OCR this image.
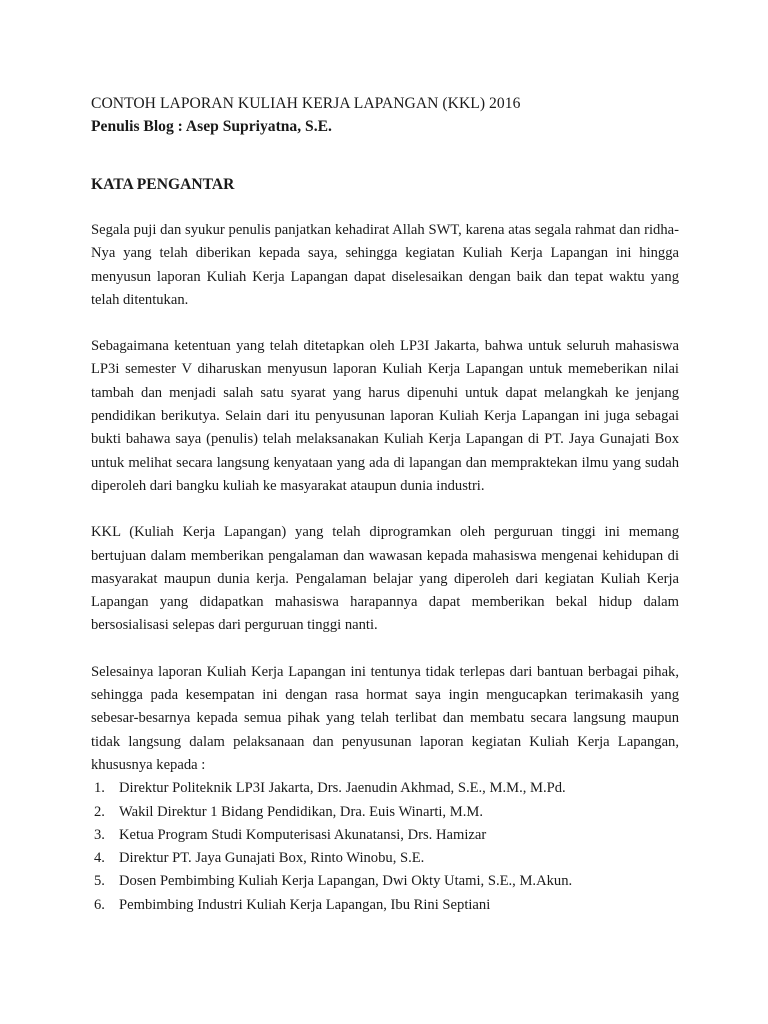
CONTOH LAPORAN KULIAH KERJA LAPANGAN (KKL) 2016

Penulis Blog : Asep Supriyatna, S.E.

KATA PENGANTAR

Segala puji dan syukur penulis panjatkan kehadirat Allah SWT, karena atas segala rahmat dan ridha-Nya yang telah diberikan kepada saya, sehingga kegiatan Kuliah Kerja Lapangan ini hingga menyusun laporan Kuliah Kerja Lapangan dapat diselesaikan dengan baik dan tepat waktu yang telah ditentukan.

Sebagaimana ketentuan yang telah ditetapkan oleh LP3I Jakarta, bahwa untuk seluruh mahasiswa LP3i semester V diharuskan menyusun laporan Kuliah Kerja Lapangan untuk memeberikan nilai tambah dan menjadi salah satu syarat yang harus dipenuhi untuk dapat melangkah ke jenjang pendidikan berikutya. Selain dari itu penyusunan laporan Kuliah Kerja Lapangan ini juga sebagai bukti bahawa saya (penulis) telah melaksanakan Kuliah Kerja Lapangan di PT. Jaya Gunajati Box untuk melihat secara langsung kenyataan yang ada di lapangan dan mempraktekan ilmu yang sudah diperoleh dari bangku kuliah ke masyarakat ataupun dunia industri.

KKL (Kuliah Kerja Lapangan) yang telah diprogramkan oleh perguruan tinggi ini memang bertujuan dalam memberikan pengalaman dan wawasan kepada mahasiswa mengenai kehidupan di masyarakat maupun dunia kerja. Pengalaman belajar yang diperoleh dari kegiatan Kuliah Kerja Lapangan yang didapatkan mahasiswa harapannya dapat memberikan bekal hidup dalam bersosialisasi selepas dari perguruan tinggi nanti.

Selesainya laporan Kuliah Kerja Lapangan ini tentunya tidak terlepas dari bantuan berbagai pihak, sehingga pada kesempatan ini dengan rasa hormat saya ingin mengucapkan terimakasih yang sebesar-besarnya kepada semua pihak yang telah terlibat dan membatu secara langsung maupun tidak langsung dalam pelaksanaan dan penyusunan laporan kegiatan Kuliah Kerja Lapangan, khususnya kepada :

1. Direktur Politeknik LP3I Jakarta, Drs. Jaenudin Akhmad, S.E., M.M., M.Pd.
2. Wakil Direktur 1 Bidang Pendidikan, Dra. Euis Winarti, M.M.
3. Ketua Program Studi Komputerisasi Akunatansi, Drs. Hamizar
4. Direktur PT. Jaya Gunajati Box, Rinto Winobu, S.E.
5. Dosen Pembimbing Kuliah Kerja Lapangan, Dwi Okty Utami, S.E., M.Akun.
6. Pembimbing Industri Kuliah Kerja Lapangan, Ibu Rini Septiani
